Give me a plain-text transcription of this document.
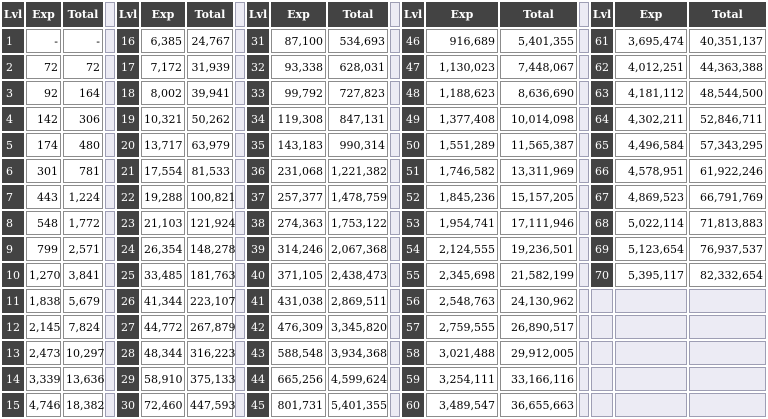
Lvl	Exp	Total		Lvl	Exp	Total		Lvl	Exp	Total		Lvl	Exp	Total		Lvl	Exp	Total
1	-	-		16	6,385	24,767		31	87,100	534,693		46	916,689	5,401,355		61	3,695,474	40,351,137
2	72	72		17	7,172	31,939		32	93,338	628,031		47	1,130,023	7,448,067		62	4,012,251	44,363,388
3	92	164		18	8,002	39,941		33	99,792	727,823		48	1,188,623	8,636,690		63	4,181,112	48,544,500
4	142	306		19	10,321	50,262		34	119,308	847,131		49	1,377,408	10,014,098		64	4,302,211	52,846,711
5	174	480		20	13,717	63,979		35	143,183	990,314		50	1,551,289	11,565,387		65	4,496,584	57,343,295
6	301	781		21	17,554	81,533		36	231,068	1,221,382		51	1,746,582	13,311,969		66	4,578,951	61,922,246
7	443	1,224		22	19,288	100,821		37	257,377	1,478,759		52	1,845,236	15,157,205		67	4,869,523	66,791,769
8	548	1,772		23	21,103	121,924		38	274,363	1,753,122		53	1,954,741	17,111,946		68	5,022,114	71,813,883
9	799	2,571		24	26,354	148,278		39	314,246	2,067,368		54	2,124,555	19,236,501		69	5,123,654	76,937,537
10	1,270	3,841		25	33,485	181,763		40	371,105	2,438,473		55	2,345,698	21,582,199		70	5,395,117	82,332,654
11	1,838	5,679		26	41,344	223,107		41	431,038	2,869,511		56	2,548,763	24,130,962				
12	2,145	7,824		27	44,772	267,879		42	476,309	3,345,820		57	2,759,555	26,890,517				
13	2,473	10,297		28	48,344	316,223		43	588,548	3,934,368		58	3,021,488	29,912,005				
14	3,339	13,636		29	58,910	375,133		44	665,256	4,599,624		59	3,254,111	33,166,116				
15	4,746	18,382		30	72,460	447,593		45	801,731	5,401,355		60	3,489,547	36,655,663				
